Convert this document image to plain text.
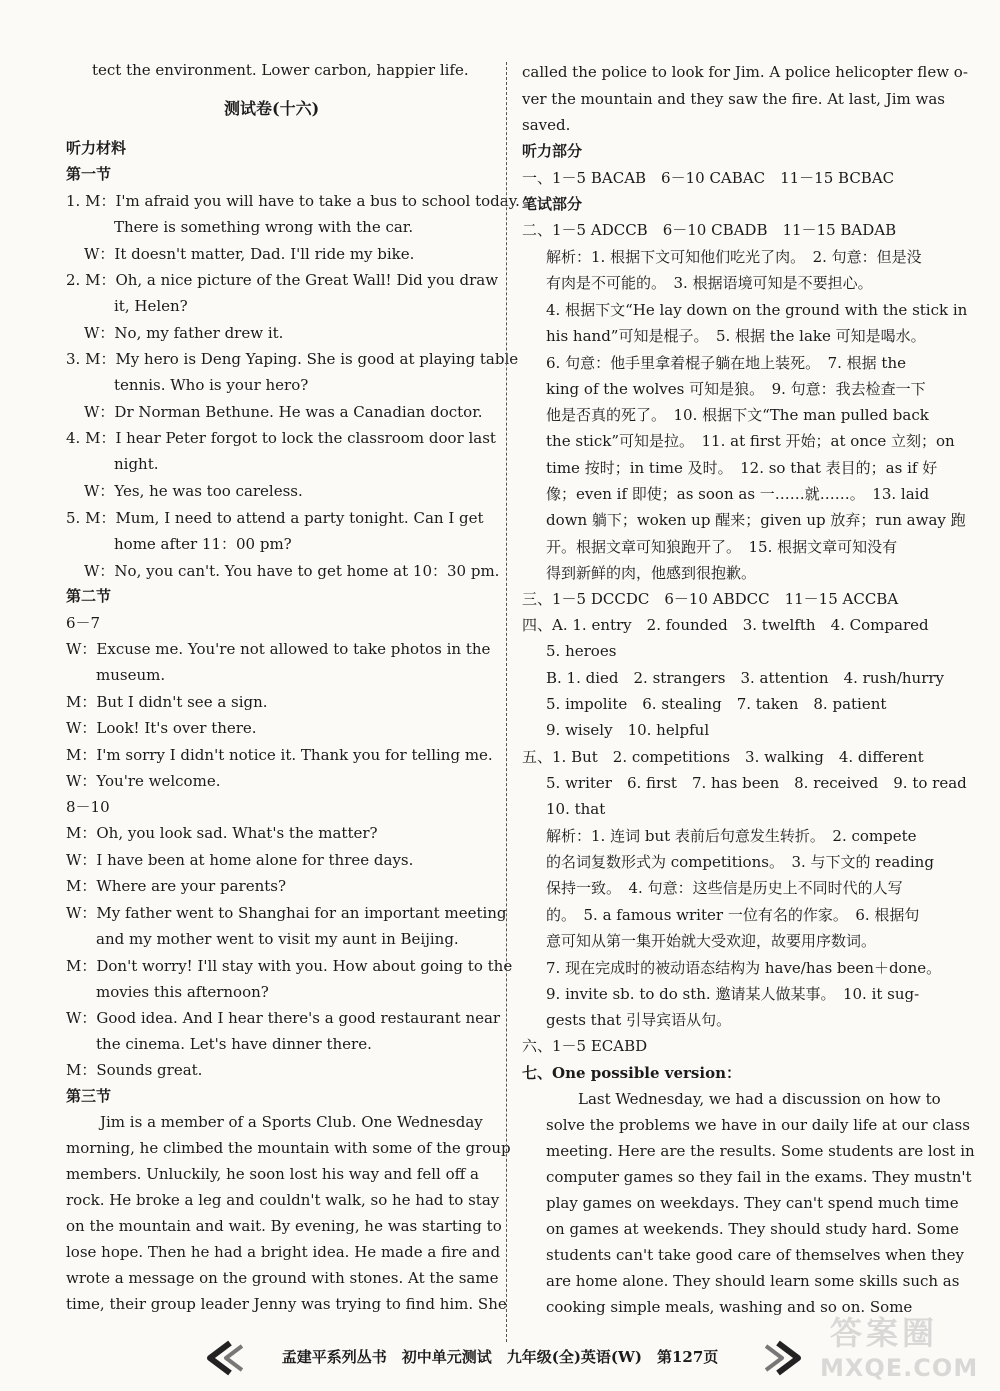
tect the environment. Lower carbon, happier life.
测试卷(十六)
听力材料
第一节
1. M：I'm afraid you will have to take a bus to school today.
There is something wrong with the car.
W：It doesn't matter, Dad. I'll ride my bike.
2. M：Oh, a nice picture of the Great Wall! Did you draw
it, Helen?
W：No, my father drew it.
3. M：My hero is Deng Yaping. She is good at playing table
tennis. Who is your hero?
W：Dr Norman Bethune. He was a Canadian doctor.
4. M：I hear Peter forgot to lock the classroom door last
night.
W：Yes, he was too careless.
5. M：Mum, I need to attend a party tonight. Can I get
home after 11：00 pm?
W：No, you can't. You have to get home at 10：30 pm.
第二节
6－7
W：Excuse me. You're not allowed to take photos in the
museum.
M：But I didn't see a sign.
W：Look! It's over there.
M：I'm sorry I didn't notice it. Thank you for telling me.
W：You're welcome.
8－10
M：Oh, you look sad. What's the matter?
W：I have been at home alone for three days.
M：Where are your parents?
W：My father went to Shanghai for an important meeting
and my mother went to visit my aunt in Beijing.
M：Don't worry! I'll stay with you. How about going to the
movies this afternoon?
W：Good idea. And I hear there's a good restaurant near
the cinema. Let's have dinner there.
M：Sounds great.
第三节
Jim is a member of a Sports Club. One Wednesday
morning, he climbed the mountain with some of the group
members. Unluckily, he soon lost his way and fell off a
rock. He broke a leg and couldn't walk, so he had to stay
on the mountain and wait. By evening, he was starting to
lose hope. Then he had a bright idea. He made a fire and
wrote a message on the ground with stones. At the same
time, their group leader Jenny was trying to find him. She
called the police to look for Jim. A police helicopter flew o-
ver the mountain and they saw the fire. At last, Jim was
saved.
听力部分
一、1－5 BACAB　6－10 CABAC　11－15 BCBAC
笔试部分
二、1－5 ADCCB　6－10 CBADB　11－15 BADAB
解析：1. 根据下文可知他们吃光了肉。　2. 句意：但是没
有肉是不可能的。　3. 根据语境可知是不要担心。
4. 根据下文“He lay down on the ground with the stick in
his hand”可知是棍子。　5. 根据 the lake 可知是喝水。
6. 句意：他手里拿着棍子躺在地上装死。　7. 根据 the
king of the wolves 可知是狼。　9. 句意：我去检查一下
他是否真的死了。　10. 根据下文“The man pulled back
the stick”可知是拉。　11. at first 开始；at once 立刻；on
time 按时；in time 及时。　12. so that 表目的；as if 好
像；even if 即使；as soon as 一……就……。　13. laid
down 躺下；woken up 醒来；given up 放弃；run away 跑
开。根据文章可知狼跑开了。　15. 根据文章可知没有
得到新鲜的肉，他感到很抱歉。
三、1－5 DCCDC　6－10 ABDCC　11－15 ACCBA
四、A. 1. entry　2. founded　3. twelfth　4. Compared
5. heroes
B. 1. died　2. strangers　3. attention　4. rush/hurry
5. impolite　6. stealing　7. taken　8. patient
9. wisely　10. helpful
五、1. But　2. competitions　3. walking　4. different
5. writer　6. first　7. has been　8. received　9. to read
10. that
解析：1. 连词 but 表前后句意发生转折。　2. compete
的名词复数形式为 competitions。　3. 与下文的 reading
保持一致。　4. 句意：这些信是历史上不同时代的人写
的。　5. a famous writer 一位有名的作家。　6. 根据句
意可知从第一集开始就大受欢迎，故要用序数词。
7. 现在完成时的被动语态结构为 have/has been＋done。
9. invite sb. to do sth. 邀请某人做某事。　10. it sug-
gests that 引导宾语从句。
六、1－5 ECABD
七、One possible version：
Last Wednesday, we had a discussion on how to
solve the problems we have in our daily life at our class
meeting. Here are the results. Some students are lost in
computer games so they fail in the exams. They mustn't
play games on weekdays. They can't spend much time
on games at weekends. They should study hard. Some
students can't take good care of themselves when they
are home alone. They should learn some skills such as
cooking simple meals, washing and so on. Some
孟建平系列丛书　初中单元测试　九年级(全)英语(W)　第127页
答案圈
MXQE.COM
